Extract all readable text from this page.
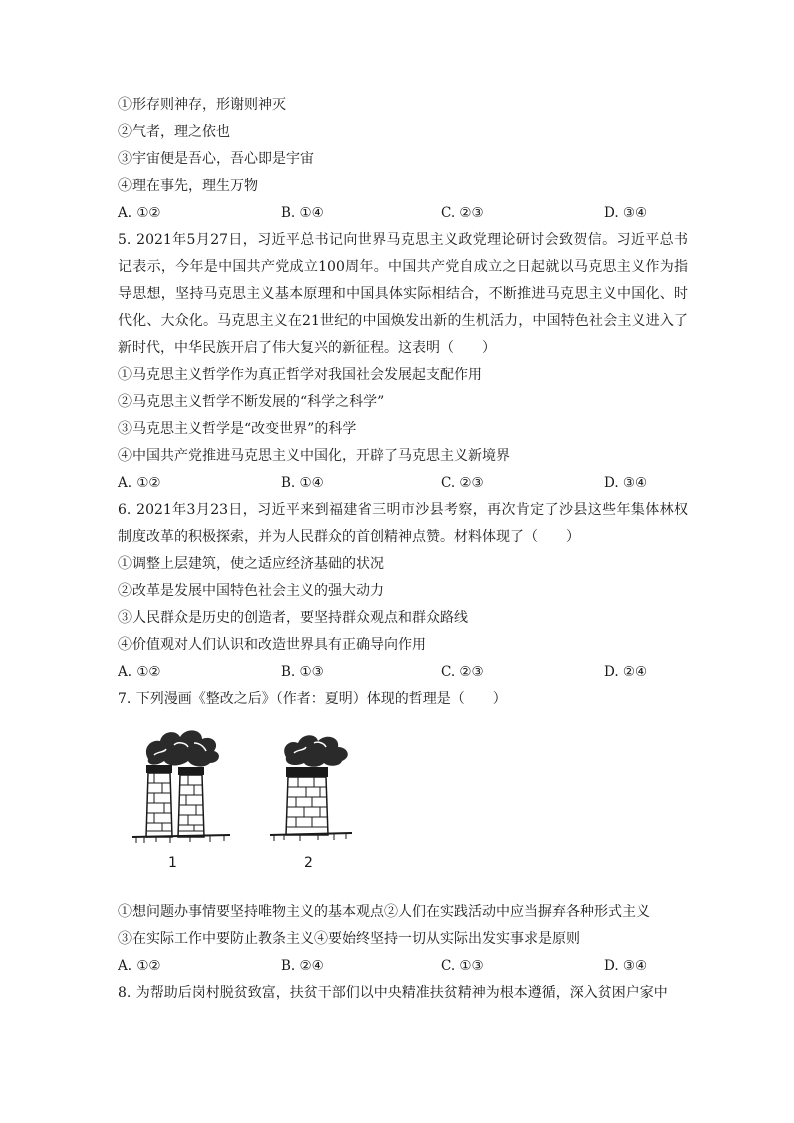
①形存则神存，形谢则神灭
②气者，理之依也
③宇宙便是吾心，吾心即是宇宙
④理在事先，理生万物
A. ①②	B. ①④	C. ②③	D. ③④
5. 2021年5月27日，习近平总书记向世界马克思主义政党理论研讨会致贺信。习近平总书记表示，今年是中国共产党成立100周年。中国共产党自成立之日起就以马克思主义作为指导思想，坚持马克思主义基本原理和中国具体实际相结合，不断推进马克思主义中国化、时代化、大众化。马克思主义在21世纪的中国焕发出新的生机活力，中国特色社会主义进入了新时代，中华民族开启了伟大复兴的新征程。这表明（　　）
①马克思主义哲学作为真正哲学对我国社会发展起支配作用
②马克思主义哲学不断发展的“科学之科学”
③马克思主义哲学是“改变世界”的科学
④中国共产党推进马克思主义中国化，开辟了马克思主义新境界
A. ①②	B. ①④	C. ②③	D. ③④
6. 2021年3月23日，习近平来到福建省三明市沙县考察，再次肯定了沙县这些年集体林权制度改革的积极探索，并为人民群众的首创精神点赞。材料体现了（　　）
①调整上层建筑，使之适应经济基础的状况
②改革是发展中国特色社会主义的强大动力
③人民群众是历史的创造者，要坚持群众观点和群众路线
④价值观对人们认识和改造世界具有正确导向作用
A. ①②	B. ①③	C. ②③	D. ②④
7. 下列漫画《整改之后》（作者：夏明）体现的哲理是（　　）
1	2
①想问题办事情要坚持唯物主义的基本观点②人们在实践活动中应当摒弃各种形式主义
③在实际工作中要防止教条主义④要始终坚持一切从实际出发实事求是原则
A. ①②	B. ②④	C. ①③	D. ③④
8. 为帮助后岗村脱贫致富，扶贫干部们以中央精准扶贫精神为根本遵循，深入贫困户家中
